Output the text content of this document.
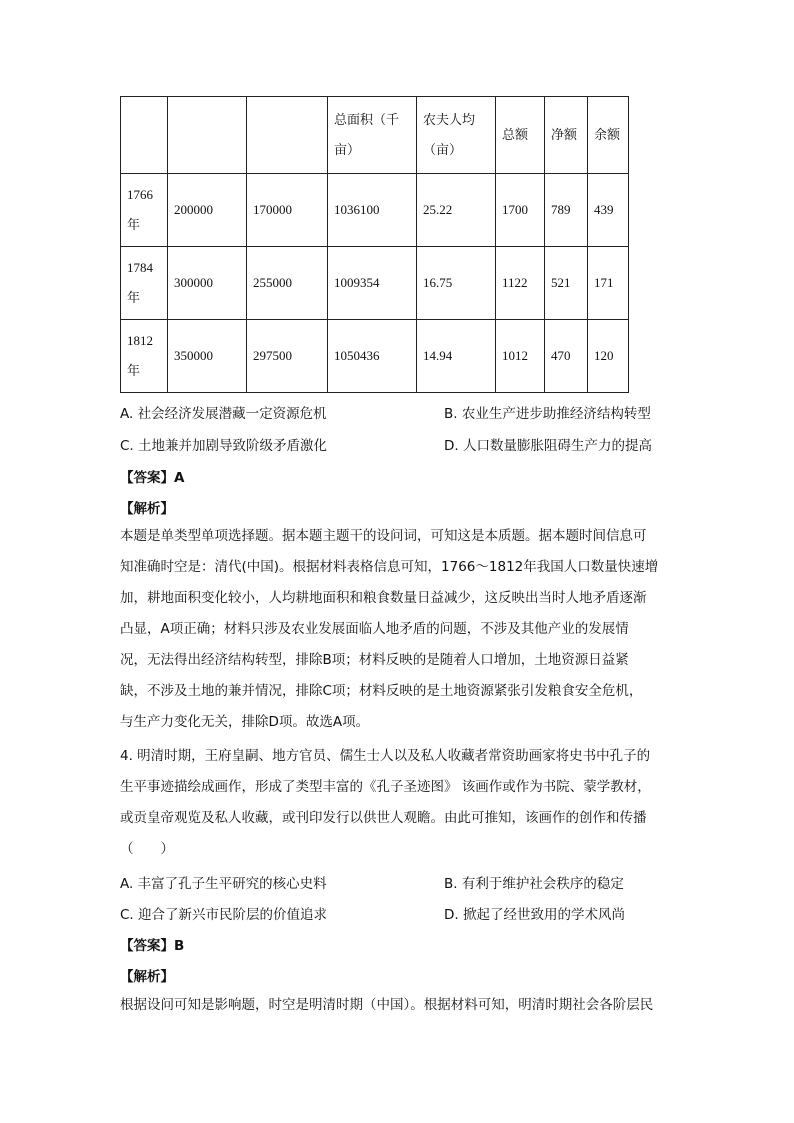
			总面积（千亩）	农夫人均（亩）	总额	净额	余额
1766年	200000	170000	1036100	25.22	1700	789	439
1784年	300000	255000	1009354	16.75	1122	521	171
1812年	350000	297500	1050436	14.94	1012	470	120
A. 社会经济发展潜藏一定资源危机	B. 农业生产进步助推经济结构转型
C. 土地兼并加剧导致阶级矛盾激化	D. 人口数量膨胀阻碍生产力的提高
【答案】A
【解析】
本题是单类型单项选择题。据本题主题干的设问词，可知这是本质题。据本题时间信息可
知准确时空是：清代(中国)。根据材料表格信息可知，1766～1812年我国人口数量快速增
加，耕地面积变化较小，人均耕地面积和粮食数量日益减少，这反映出当时人地矛盾逐渐
凸显，A项正确；材料只涉及农业发展面临人地矛盾的问题，不涉及其他产业的发展情
况，无法得出经济结构转型，排除B项；材料反映的是随着人口增加，土地资源日益紧
缺，不涉及土地的兼并情况，排除C项；材料反映的是土地资源紧张引发粮食安全危机，
与生产力变化无关，排除D项。故选A项。
4. 明清时期，王府皇嗣、地方官员、儒生士人以及私人收藏者常资助画家将史书中孔子的
生平事迹描绘成画作，形成了类型丰富的《孔子圣迹图》 该画作或作为书院、蒙学教材，
或贡皇帝观览及私人收藏，或刊印发行以供世人观瞻。由此可推知，该画作的创作和传播
（　　）
A. 丰富了孔子生平研究的核心史料	B. 有利于维护社会秩序的稳定
C. 迎合了新兴市民阶层的价值追求	D. 掀起了经世致用的学术风尚
【答案】B
【解析】
根据设问可知是影响题，时空是明清时期（中国）。根据材料可知，明清时期社会各阶层民
